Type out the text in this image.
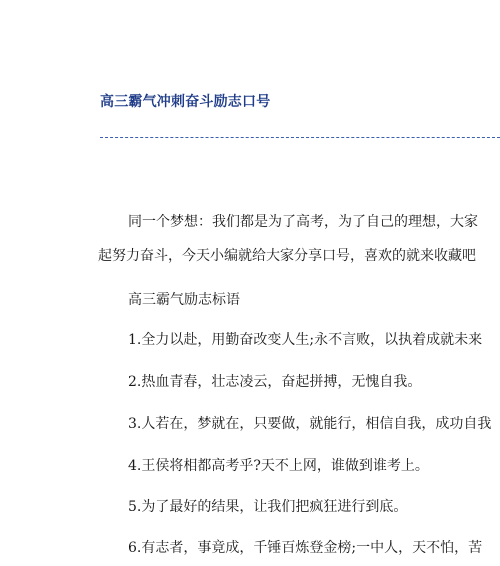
高三霸气冲刺奋斗励志口号
同一个梦想：我们都是为了高考，为了自己的理想，大家
起努力奋斗，今天小编就给大家分享口号，喜欢的就来收藏吧
高三霸气励志标语
1.全力以赴，用勤奋改变人生;永不言败，以执着成就未来
2.热血青春，壮志凌云，奋起拼搏，无愧自我。
3.人若在，梦就在，只要做，就能行，相信自我，成功自我
4.王侯将相都高考乎?天不上网，谁做到谁考上。
5.为了最好的结果，让我们把疯狂进行到底。
6.有志者，事竟成，千锤百炼登金榜;一中人，天不怕，苦
